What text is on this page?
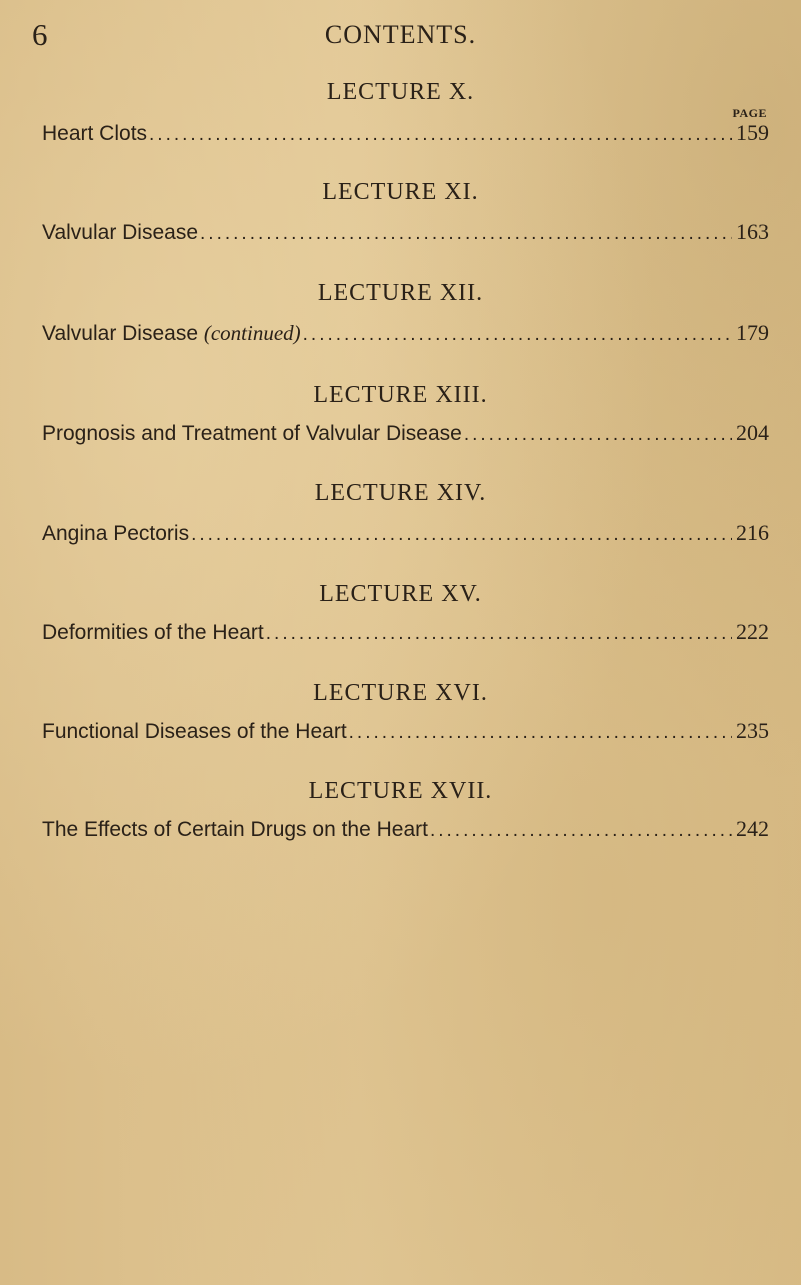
6	CONTENTS.
LECTURE X.
PAGE
Heart Clots .....	159
LECTURE XI.
Valvular Disease .....	163
LECTURE XII.
Valvular Disease (continued) .....	179
LECTURE XIII.
Prognosis and Treatment of Valvular Disease .....	204
LECTURE XIV.
Angina Pectoris .....	216
LECTURE XV.
Deformities of the Heart .....	222
LECTURE XVI.
Functional Diseases of the Heart .....	235
LECTURE XVII.
The Effects of Certain Drugs on the Heart .....	242
